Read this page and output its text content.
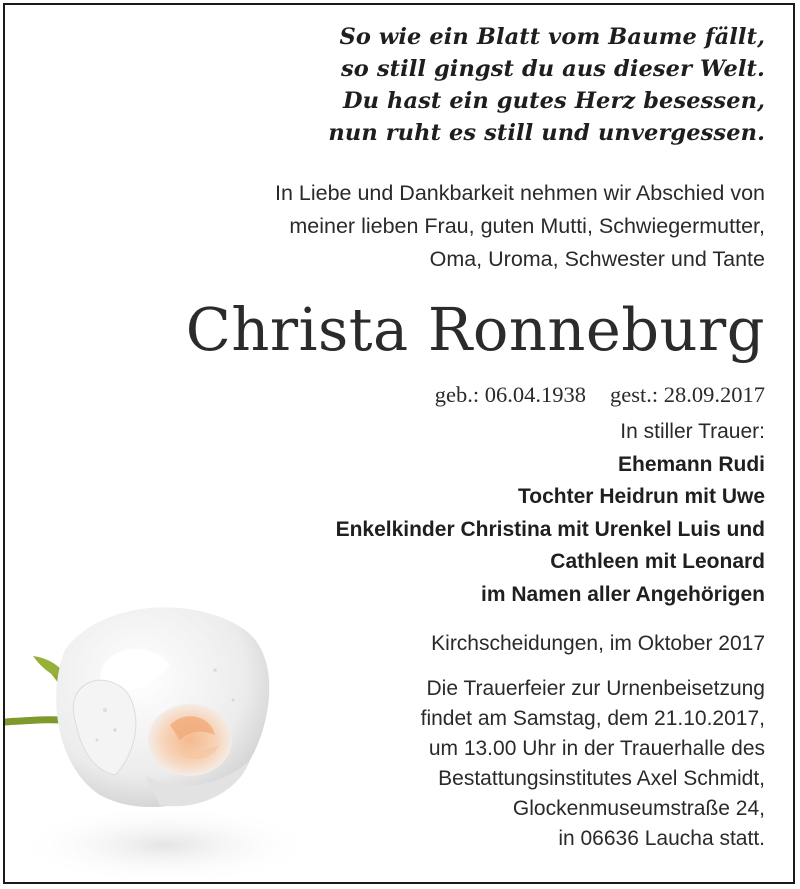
So wie ein Blatt vom Baume fällt,
so still gingst du aus dieser Welt.
Du hast ein gutes Herz besessen,
nun ruht es still und unvergessen.
In Liebe und Dankbarkeit nehmen wir Abschied von
meiner lieben Frau, guten Mutti, Schwiegermutter,
Oma, Uroma, Schwester und Tante
Christa Ronneburg
geb.: 06.04.1938 gest.: 28.09.2017
In stiller Trauer:
Ehemann Rudi
Tochter Heidrun mit Uwe
Enkelkinder Christina mit Urenkel Luis und
Cathleen mit Leonard
im Namen aller Angehörigen
Kirchscheidungen, im Oktober 2017
Die Trauerfeier zur Urnenbeisetzung
findet am Samstag, dem 21.10.2017,
um 13.00 Uhr in der Trauerhalle des
Bestattungsinstitutes Axel Schmidt,
Glockenmuseumstraße 24,
in 06636 Laucha statt.
